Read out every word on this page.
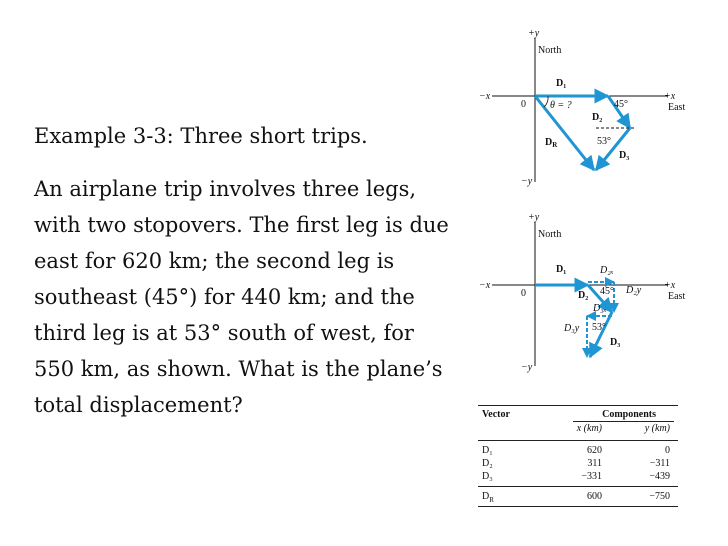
Example 3-3: Three short trips.
An airplane trip involves three legs, with two stopovers. The first leg is due east for 620 km; the second leg is southeast (45°) for 440 km; and the third leg is at 53° south of west, for 550 km, as shown. What is the plane’s total displacement?
+y
North
−x
0
+x
East
−y
D₁
D₂
D₃
$D_R$
θ = ?	45°
53°
+y
North
−x
0
+x
East
−y
D₁
D₂
D₃
D₂ₓ
D₂y
D₃ₓ
D₃y
45°
53°
Vector	Components
x (km)	y (km)
D₁	620	0
D₂	311	−311
D₃	−331	−439
$D_R$	600	−750
